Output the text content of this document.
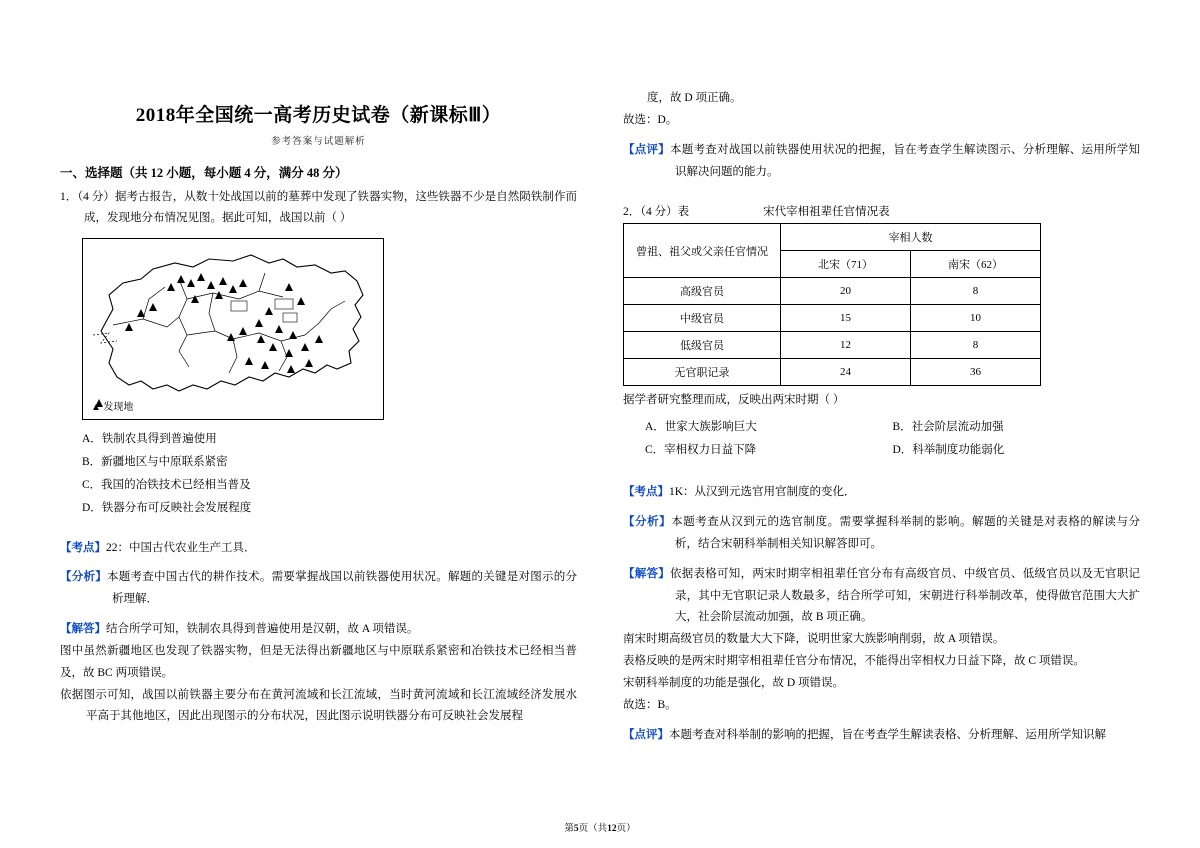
2018年全国统一高考历史试卷（新课标Ⅲ）
参考答案与试题解析
一、选择题（共 12 小题，每小题 4 分，满分 48 分）
1．（4 分）据考古报告，从数十处战国以前的墓葬中发现了铁器实物，这些铁器不少是自然陨铁制作而成，发现地分布情况见图。据此可知，战国以前（ ）
▲ 发现地
A．铁制农具得到普遍使用
B．新疆地区与中原联系紧密
C．我国的冶铁技术已经相当普及
D．铁器分布可反映社会发展程度
【考点】22：中国古代农业生产工具．
【分析】本题考查中国古代的耕作技术。需要掌握战国以前铁器使用状况。解题的关键是对图示的分析理解．
【解答】结合所学可知，铁制农具得到普遍使用是汉朝，故 A 项错误。
图中虽然新疆地区也发现了铁器实物，但是无法得出新疆地区与中原联系紧密和冶铁技术已经相当普及，故 BC 两项错误。
依据图示可知，战国以前铁器主要分布在黄河流域和长江流域，当时黄河流域和长江流域经济发展水平高于其他地区，因此出现图示的分布状况，因此图示说明铁器分布可反映社会发展程
度，故 D 项正确。
故选：D。
【点评】本题考查对战国以前铁器使用状况的把握，旨在考查学生解读图示、分析理解、运用所学知识解决问题的能力。
2．（4 分）表	宋代宰相祖辈任官情况表
曾祖、祖父或父亲任官情况	宰相人数	
	北宋（71）	南宋（62）
高级官员	20	8
中级官员	15	10
低级官员	12	8
无官职记录	24	36
据学者研究整理而成，反映出两宋时期（ ）
A．世家大族影响巨大	B．社会阶层流动加强
C．宰相权力日益下降	D．科举制度功能弱化
【考点】1K：从汉到元选官用官制度的变化．
【分析】本题考查从汉到元的选官制度。需要掌握科举制的影响。解题的关键是对表格的解读与分析，结合宋朝科举制相关知识解答即可。
【解答】依据表格可知，两宋时期宰相祖辈任官分布有高级官员、中级官员、低级官员以及无官职记录，其中无官职记录人数最多，结合所学可知，宋朝进行科举制改革，使得做官范围大大扩大，社会阶层流动加强，故 B 项正确。
南宋时期高级官员的数量大大下降，说明世家大族影响削弱，故 A 项错误。
表格反映的是两宋时期宰相祖辈任官分布情况，不能得出宰相权力日益下降，故 C 项错误。
宋朝科举制度的功能是强化，故 D 项错误。
故选：B。
【点评】本题考查对科举制的影响的把握，旨在考查学生解读表格、分析理解、运用所学知识解
第5页（共12页）
